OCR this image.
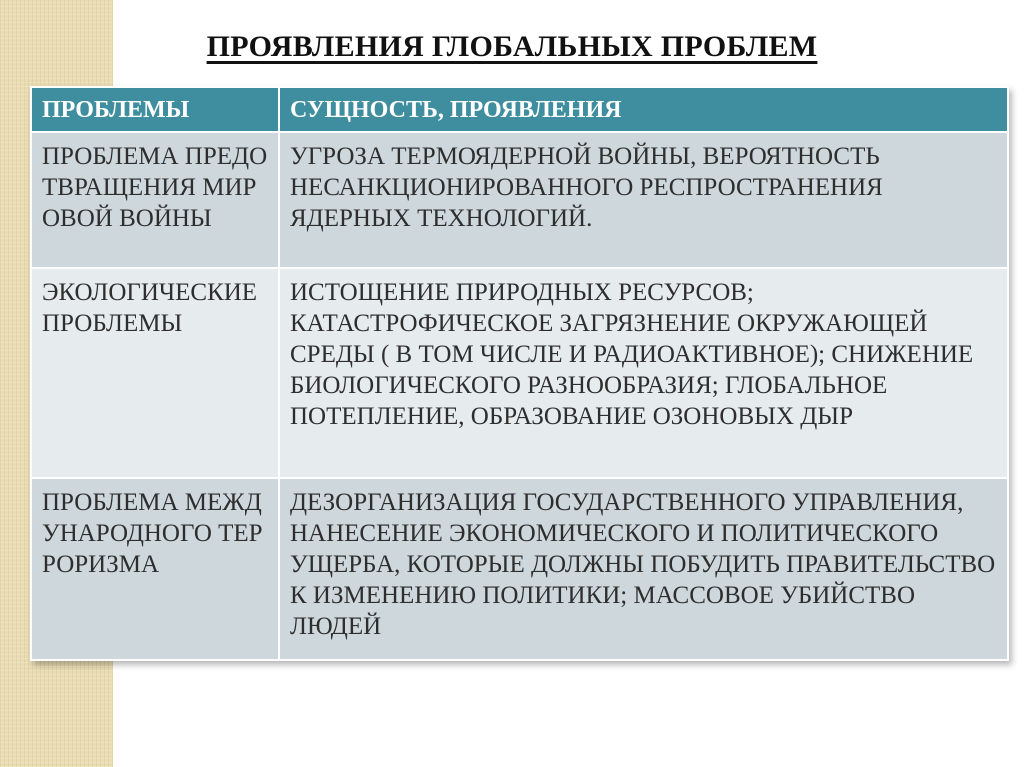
ПРОЯВЛЕНИЯ ГЛОБАЛЬНЫХ ПРОБЛЕМ
ПРОБЛЕМЫ	СУЩНОСТЬ, ПРОЯВЛЕНИЯ
ПРОБЛЕМА ПРЕДОТВРАЩЕНИЯ МИРОВОЙ ВОЙНЫ	УГРОЗА ТЕРМОЯДЕРНОЙ ВОЙНЫ, ВЕРОЯТНОСТЬ НЕСАНКЦИОНИРОВАННОГО РЕСПРОСТРАНЕНИЯ ЯДЕРНЫХ ТЕХНОЛОГИЙ.
ЭКОЛОГИЧЕСКИЕ ПРОБЛЕМЫ	ИСТОЩЕНИЕ ПРИРОДНЫХ РЕСУРСОВ; КАТАСТРОФИЧЕСКОЕ ЗАГРЯЗНЕНИЕ ОКРУЖАЮЩЕЙ СРЕДЫ ( В ТОМ ЧИСЛЕ И РАДИОАКТИВНОЕ); СНИЖЕНИЕ БИОЛОГИЧЕСКОГО РАЗНООБРАЗИЯ; ГЛОБАЛЬНОЕ ПОТЕПЛЕНИЕ, ОБРАЗОВАНИЕ ОЗОНОВЫХ ДЫР
ПРОБЛЕМА МЕЖДУНАРОДНОГО ТЕРРОРИЗМА	ДЕЗОРГАНИЗАЦИЯ ГОСУДАРСТВЕННОГО УПРАВЛЕНИЯ, НАНЕСЕНИЕ ЭКОНОМИЧЕСКОГО И ПОЛИТИЧЕСКОГО УЩЕРБА, КОТОРЫЕ ДОЛЖНЫ ПОБУДИТЬ ПРАВИТЕЛЬСТВО К ИЗМЕНЕНИЮ ПОЛИТИКИ; МАССОВОЕ УБИЙСТВО ЛЮДЕЙ
